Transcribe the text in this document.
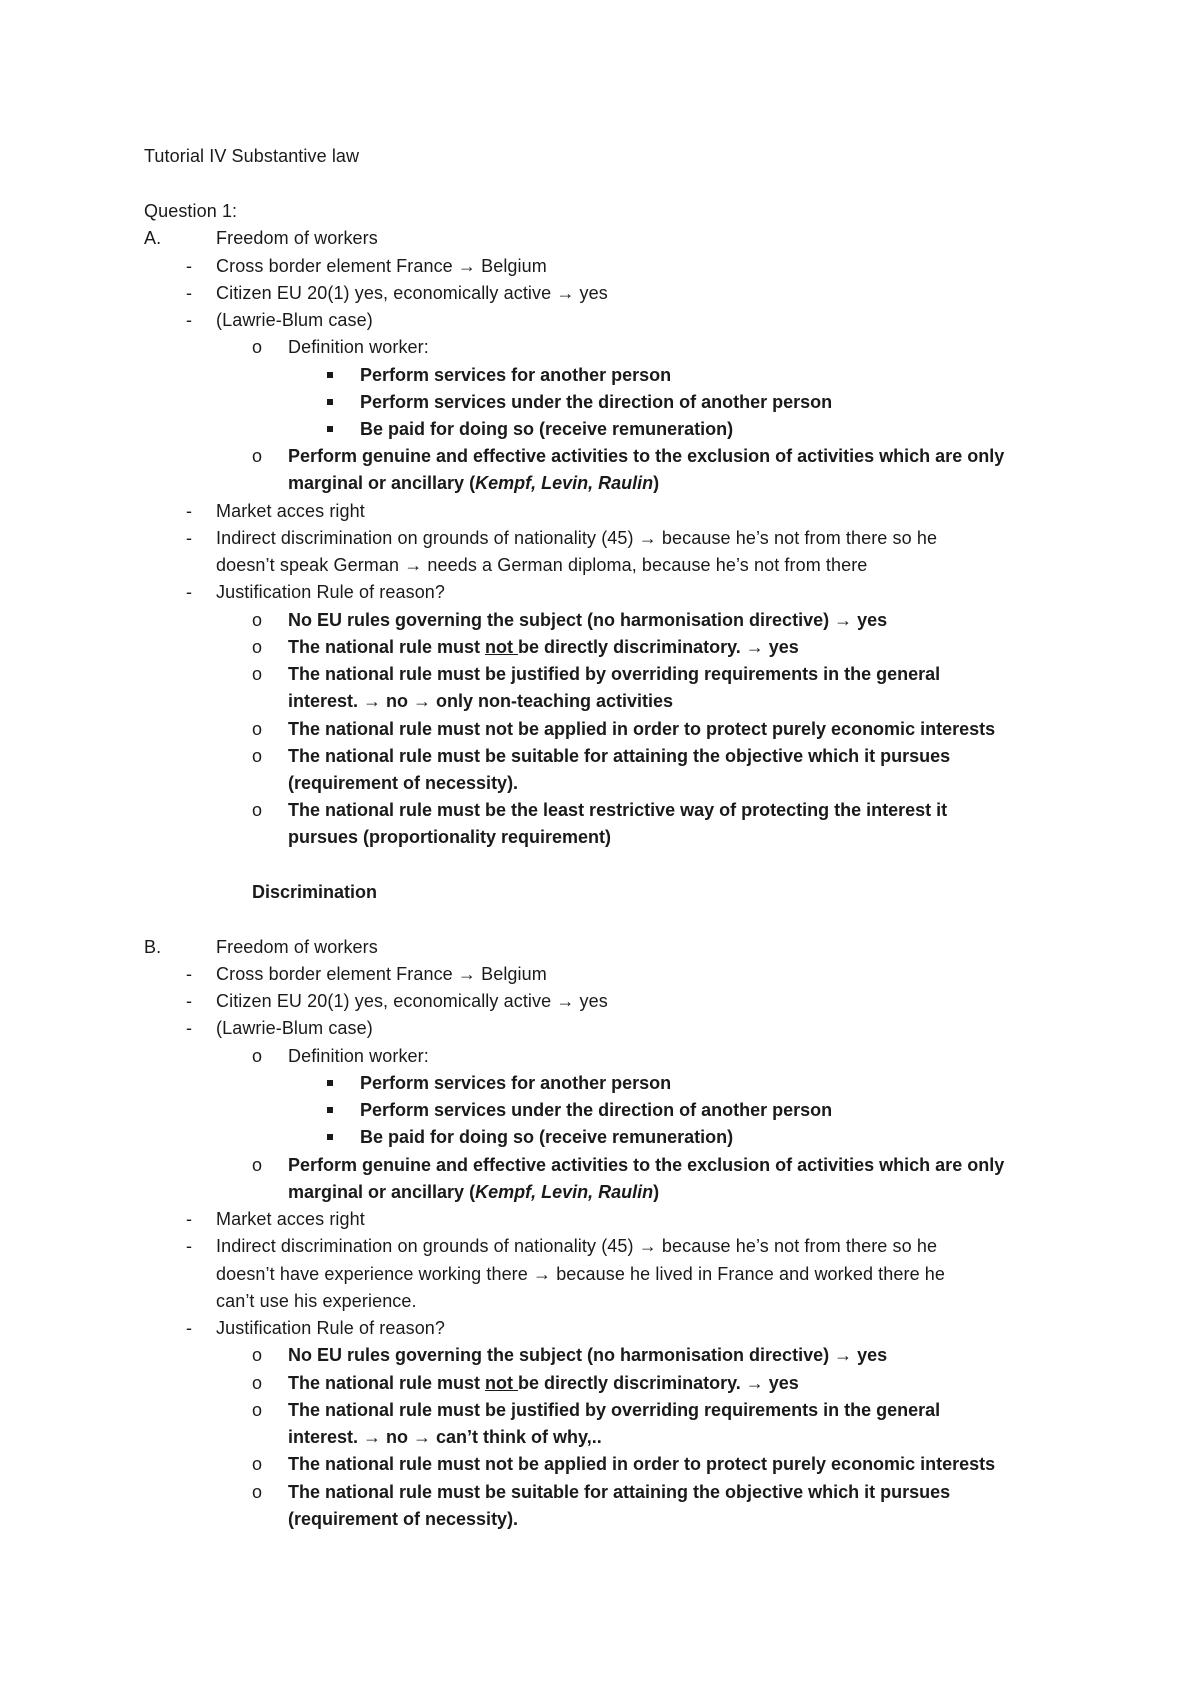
Tutorial IV Substantive law
Question 1:
A.	Freedom of workers
- Cross border element France → Belgium
- Citizen EU 20(1) yes, economically active → yes
- (Lawrie-Blum case)
o Definition worker:
Perform services for another person
Perform services under the direction of another person
Be paid for doing so (receive remuneration)
o Perform genuine and effective activities to the exclusion of activities which are only
marginal or ancillary (Kempf, Levin, Raulin)
- Market acces right
- Indirect discrimination on grounds of nationality (45) → because he’s not from there so he
doesn’t speak German → needs a German diploma, because he’s not from there
- Justification Rule of reason?
o No EU rules governing the subject (no harmonisation directive) → yes
o The national rule must not be directly discriminatory. → yes
o The national rule must be justified by overriding requirements in the general
interest. → no → only non-teaching activities
o The national rule must not be applied in order to protect purely economic interests
o The national rule must be suitable for attaining the objective which it pursues
(requirement of necessity).
o The national rule must be the least restrictive way of protecting the interest it
pursues (proportionality requirement)
Discrimination
B.	Freedom of workers
- Cross border element France → Belgium
- Citizen EU 20(1) yes, economically active → yes
- (Lawrie-Blum case)
o Definition worker:
Perform services for another person
Perform services under the direction of another person
Be paid for doing so (receive remuneration)
o Perform genuine and effective activities to the exclusion of activities which are only
marginal or ancillary (Kempf, Levin, Raulin)
- Market acces right
- Indirect discrimination on grounds of nationality (45) → because he’s not from there so he
doesn’t have experience working there → because he lived in France and worked there he
can’t use his experience.
- Justification Rule of reason?
o No EU rules governing the subject (no harmonisation directive) → yes
o The national rule must not be directly discriminatory. → yes
o The national rule must be justified by overriding requirements in the general
interest. → no → can’t think of why,..
o The national rule must not be applied in order to protect purely economic interests
o The national rule must be suitable for attaining the objective which it pursues
(requirement of necessity).
